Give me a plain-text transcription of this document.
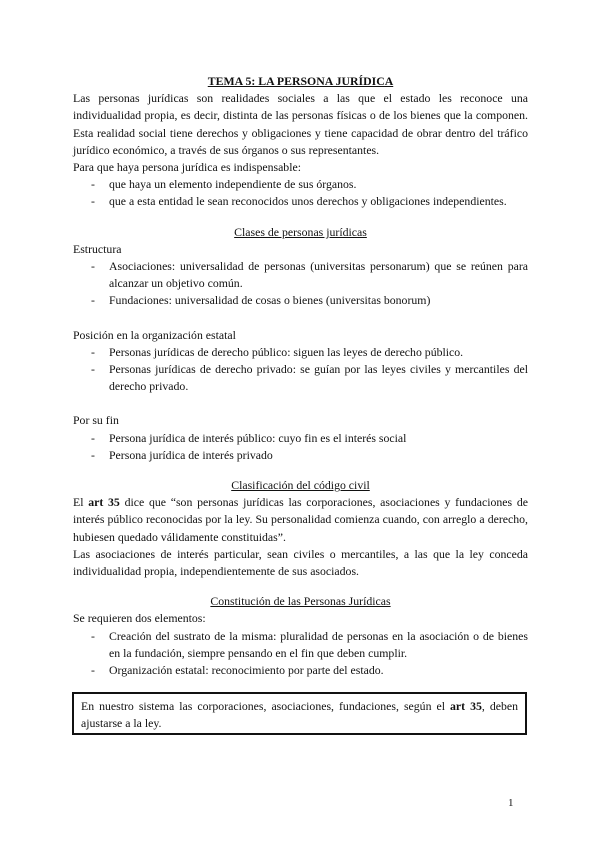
TEMA 5: LA PERSONA JURÍDICA

Las personas jurídicas son realidades sociales a las que el estado les reconoce una individualidad propia, es decir, distinta de las personas físicas o de los bienes que la componen. Esta realidad social tiene derechos y obligaciones y tiene capacidad de obrar dentro del tráfico jurídico económico, a través de sus órganos o sus representantes.

Para que haya persona jurídica es indispensable:

- que haya un elemento independiente de sus órganos.
- que a esta entidad le sean reconocidos unos derechos y obligaciones independientes.
Clases de personas jurídicas

Estructura

- Asociaciones: universalidad de personas (universitas personarum) que se reúnen para alcanzar un objetivo común.
- Fundaciones: universalidad de cosas o bienes (universitas bonorum)

Posición en la organización estatal

- Personas jurídicas de derecho público: siguen las leyes de derecho público.
- Personas jurídicas de derecho privado: se guían por las leyes civiles y mercantiles del derecho privado.

Por su fin

- Persona jurídica de interés público: cuyo fin es el interés social
- Persona jurídica de interés privado
Clasificación del código civil

El art 35 dice que “son personas jurídicas las corporaciones, asociaciones y fundaciones de interés público reconocidas por la ley. Su personalidad comienza cuando, con arreglo a derecho, hubiesen quedado válidamente constituidas”.

Las asociaciones de interés particular, sean civiles o mercantiles, a las que la ley conceda individualidad propia, independientemente de sus asociados.

Constitución de las Personas Jurídicas

Se requieren dos elementos:

- Creación del sustrato de la misma: pluralidad de personas en la asociación o de bienes en la fundación, siempre pensando en el fin que deben cumplir.
- Organización estatal: reconocimiento por parte del estado.
En nuestro sistema las corporaciones, asociaciones, fundaciones, según el art 35, deben ajustarse a la ley.
1
